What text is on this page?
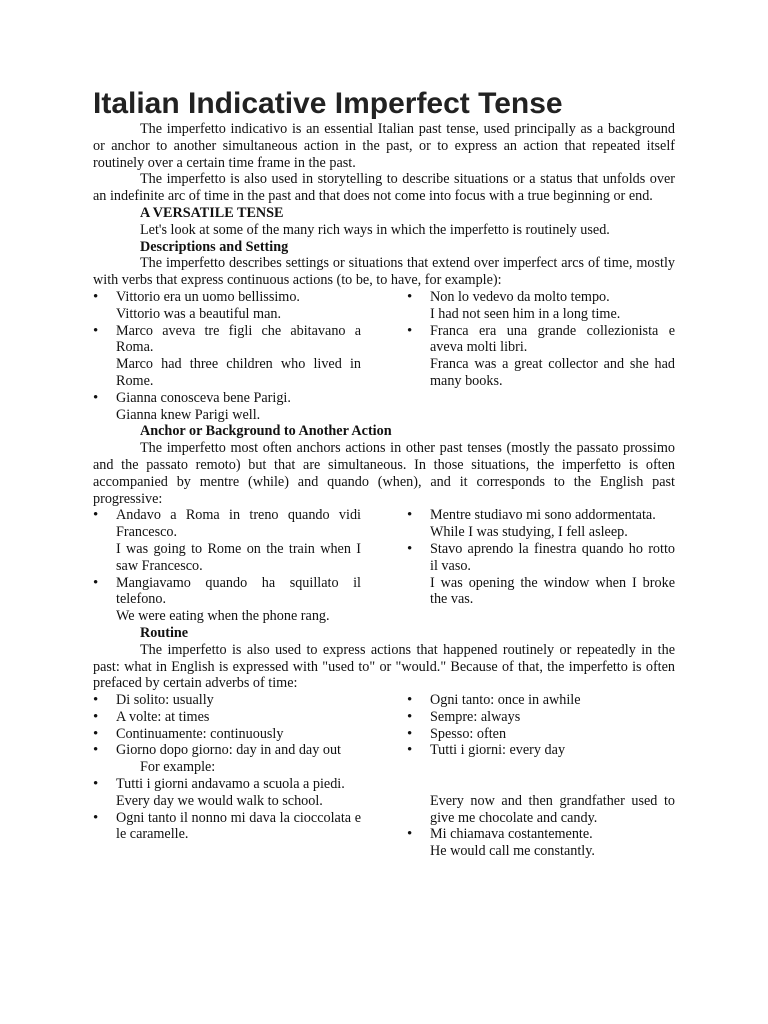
Italian Indicative Imperfect Tense

The imperfetto indicativo is an essential Italian past tense, used principally as a background or anchor to another simultaneous action in the past, or to express an action that repeated itself routinely over a certain time frame in the past.

The imperfetto is also used in storytelling to describe situations or a status that unfolds over an indefinite arc of time in the past and that does not come into focus with a true beginning or end.

A VERSATILE TENSE

Let's look at some of the many rich ways in which the imperfetto is routinely used.

Descriptions and Setting

The imperfetto describes settings or situations that extend over imperfect arcs of time, mostly with verbs that express continuous actions (to be, to have, for example):

• Vittorio era un uomo bellissimo.
Vittorio was a beautiful man.
• Marco aveva tre figli che abitavano a Roma.
Marco had three children who lived in Rome.
• Gianna conosceva bene Parigi.
Gianna knew Parigi well.
• Non lo vedevo da molto tempo.
I had not seen him in a long time.
• Franca era una grande collezionista e aveva molti libri.
Franca was a great collector and she had many books.

Anchor or Background to Another Action

The imperfetto most often anchors actions in other past tenses (mostly the passato prossimo and the passato remoto) but that are simultaneous. In those situations, the imperfetto is often accompanied by mentre (while) and quando (when), and it corresponds to the English past progressive:

• Andavo a Roma in treno quando vidi Francesco.
I was going to Rome on the train when I saw Francesco.
• Mangiavamo quando ha squillato il telefono.
We were eating when the phone rang.
• Mentre studiavo mi sono addormentata.
While I was studying, I fell asleep.
• Stavo aprendo la finestra quando ho rotto il vaso.
I was opening the window when I broke the vas.

Routine

The imperfetto is also used to express actions that happened routinely or repeatedly in the past: what in English is expressed with "used to" or "would." Because of that, the imperfetto is often prefaced by certain adverbs of time:

• Di solito: usually
• A volte: at times
• Continuamente: continuously
• Giorno dopo giorno: day in and day out

For example:

• Tutti i giorni andavamo a scuola a piedi.
Every day we would walk to school.
• Ogni tanto il nonno mi dava la cioccolata e le caramelle.
• Ogni tanto: once in awhile
• Sempre: always
• Spesso: often
• Tutti i giorni: every day

Every now and then grandfather used to give me chocolate and candy.

• Mi chiamava costantemente.
He would call me constantly.
